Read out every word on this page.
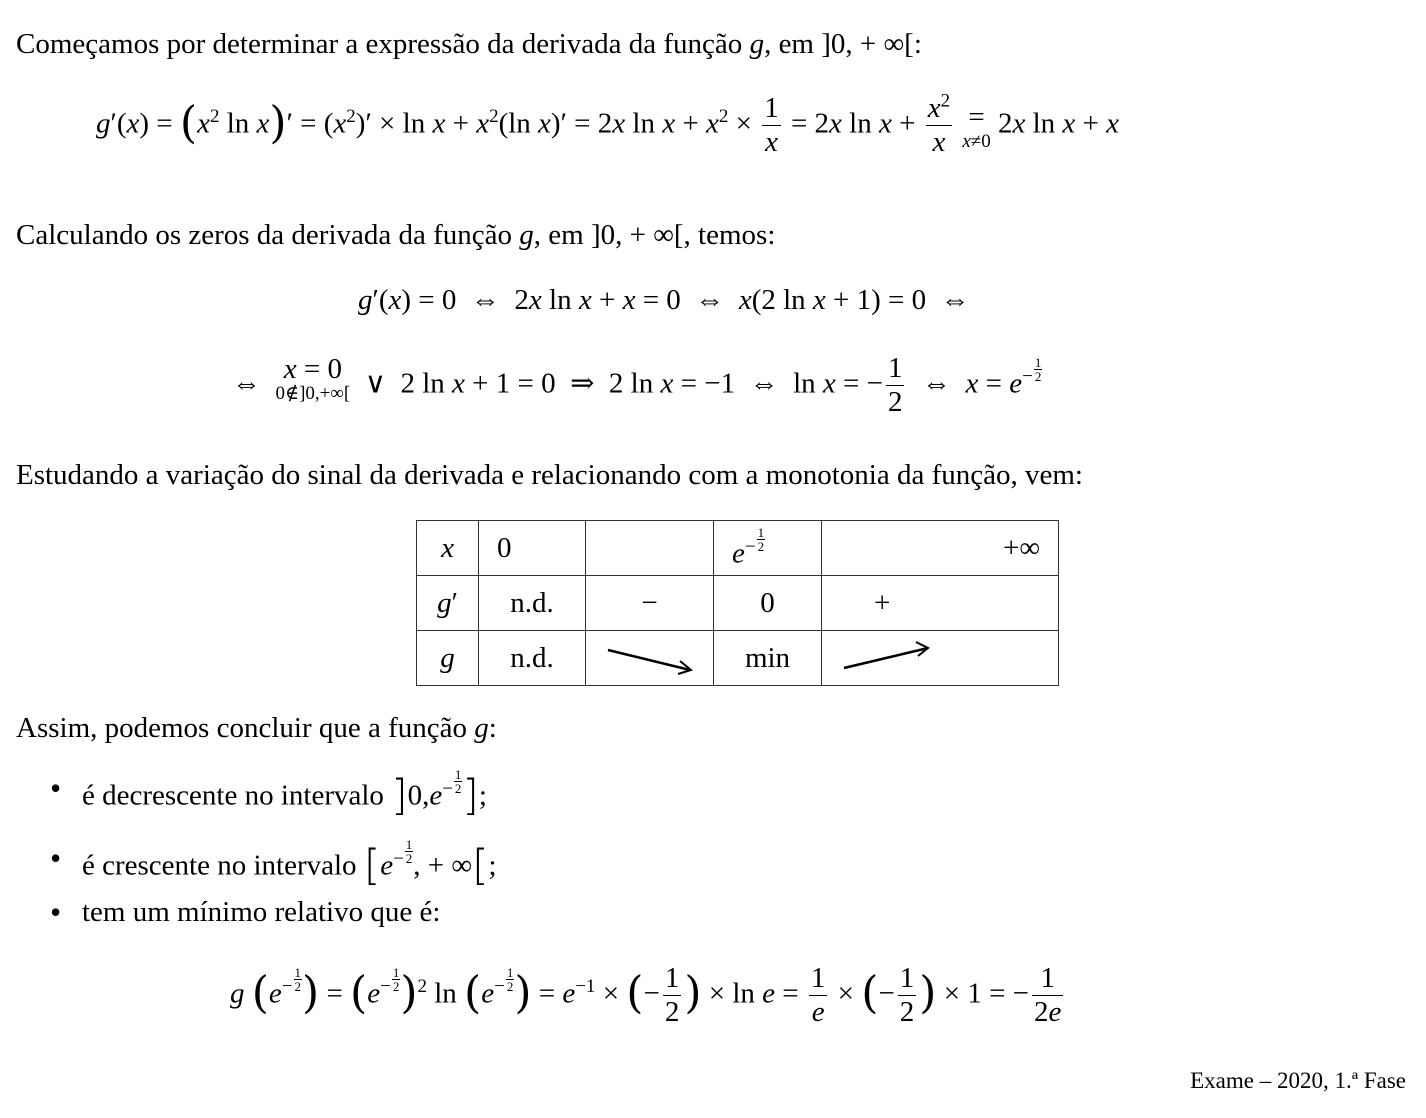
Começamos por determinar a expressão da derivada da função g, em ]0, + ∞[:
$g'(x) = (x^2$ $\ln x)' = (x^2)' \times \ln x + x^2(\ln$ x)′ = 2x $\ln x + x^2 \times \frac{1}{x} = 2x$ $\ln x + \frac{x^2}{x}$
=
x≠0
2x ln x + x
Calculando os zeros da derivada da função g, em ]0, + ∞[, temos:
g′(x) = 0  ⇔  2x ln x + x = 0  ⇔  x(2 ln x + 1) = 0  ⇔
⇔ x = 0
0∉]0,+∞[ ∨  2 ln x + 1 = 0  ⇒  2 ln x = −1  ⇔  ln x = − $\frac{1}{2}$ ⇔  $x = e^- \frac{1}{2}$
Estudando a variação do sinal da derivada e relacionando com a monotonia da função, vem:
x	0		$e^- \frac{1}{2}$	+∞
g′	n.d.	−	0	+
g	n.d.		min	
Assim, podemos concluir que a função g:
• é decrescente no intervalo ]$0,e^- \frac{1}{2}$ ];
• é crescente no intervalo [$e^- \frac{1}{2}$ , + ∞[;
• tem um mínimo relativo que é:
g ($e^- \frac{1}{2}$ ) = $(e^- \frac{1}{2} )^2$ $\ln (e^- \frac{1}{2}$ ) = $e^{-1}$ × (− $\frac{1}{2}$ ) × $\ln e = \frac{1}{e}$ × (− $\frac{1}{2}$ ) × 1 = − $\frac{1}{2e}$
Exame – 2020, 1.ª Fase
